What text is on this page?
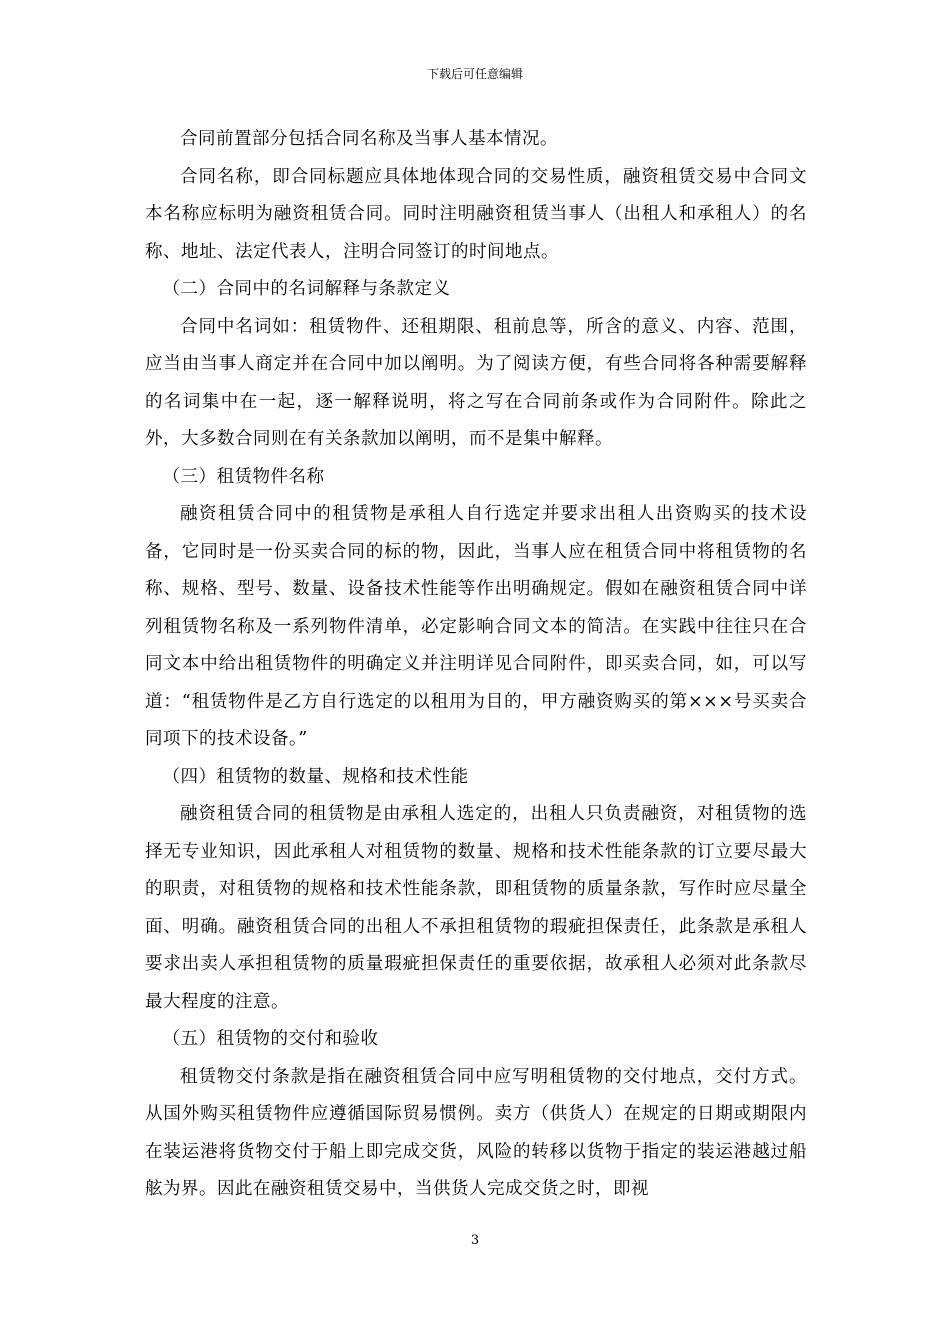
下载后可任意编辑

合同前置部分包括合同名称及当事人基本情况。

合同名称，即合同标题应具体地体现合同的交易性质，融资租赁交易中合同文本名称应标明为融资租赁合同。同时注明融资租赁当事人（出租人和承租人）的名称、地址、法定代表人，注明合同签订的时间地点。

（二）合同中的名词解释与条款定义

合同中名词如：租赁物件、还租期限、租前息等，所含的意义、内容、范围，应当由当事人商定并在合同中加以阐明。为了阅读方便，有些合同将各种需要解释的名词集中在一起，逐一解释说明，将之写在合同前条或作为合同附件。除此之外，大多数合同则在有关条款加以阐明，而不是集中解释。

（三）租赁物件名称

融资租赁合同中的租赁物是承租人自行选定并要求出租人出资购买的技术设备，它同时是一份买卖合同的标的物，因此，当事人应在租赁合同中将租赁物的名称、规格、型号、数量、设备技术性能等作出明确规定。假如在融资租赁合同中详列租赁物名称及一系列物件清单，必定影响合同文本的简洁。在实践中往往只在合同文本中给出租赁物件的明确定义并注明详见合同附件，即买卖合同，如，可以写道：“租赁物件是乙方自行选定的以租用为目的，甲方融资购买的第×××号买卖合同项下的技术设备。”

（四）租赁物的数量、规格和技术性能

融资租赁合同的租赁物是由承租人选定的，出租人只负责融资，对租赁物的选择无专业知识，因此承租人对租赁物的数量、规格和技术性能条款的订立要尽最大的职责，对租赁物的规格和技术性能条款，即租赁物的质量条款，写作时应尽量全面、明确。融资租赁合同的出租人不承担租赁物的瑕疵担保责任，此条款是承租人要求出卖人承担租赁物的质量瑕疵担保责任的重要依据，故承租人必须对此条款尽最大程度的注意。

（五）租赁物的交付和验收

租赁物交付条款是指在融资租赁合同中应写明租赁物的交付地点，交付方式。从国外购买租赁物件应遵循国际贸易惯例。卖方（供货人）在规定的日期或期限内在装运港将货物交付于船上即完成交货，风险的转移以货物于指定的装运港越过船舷为界。因此在融资租赁交易中，当供货人完成交货之时，即视

3
